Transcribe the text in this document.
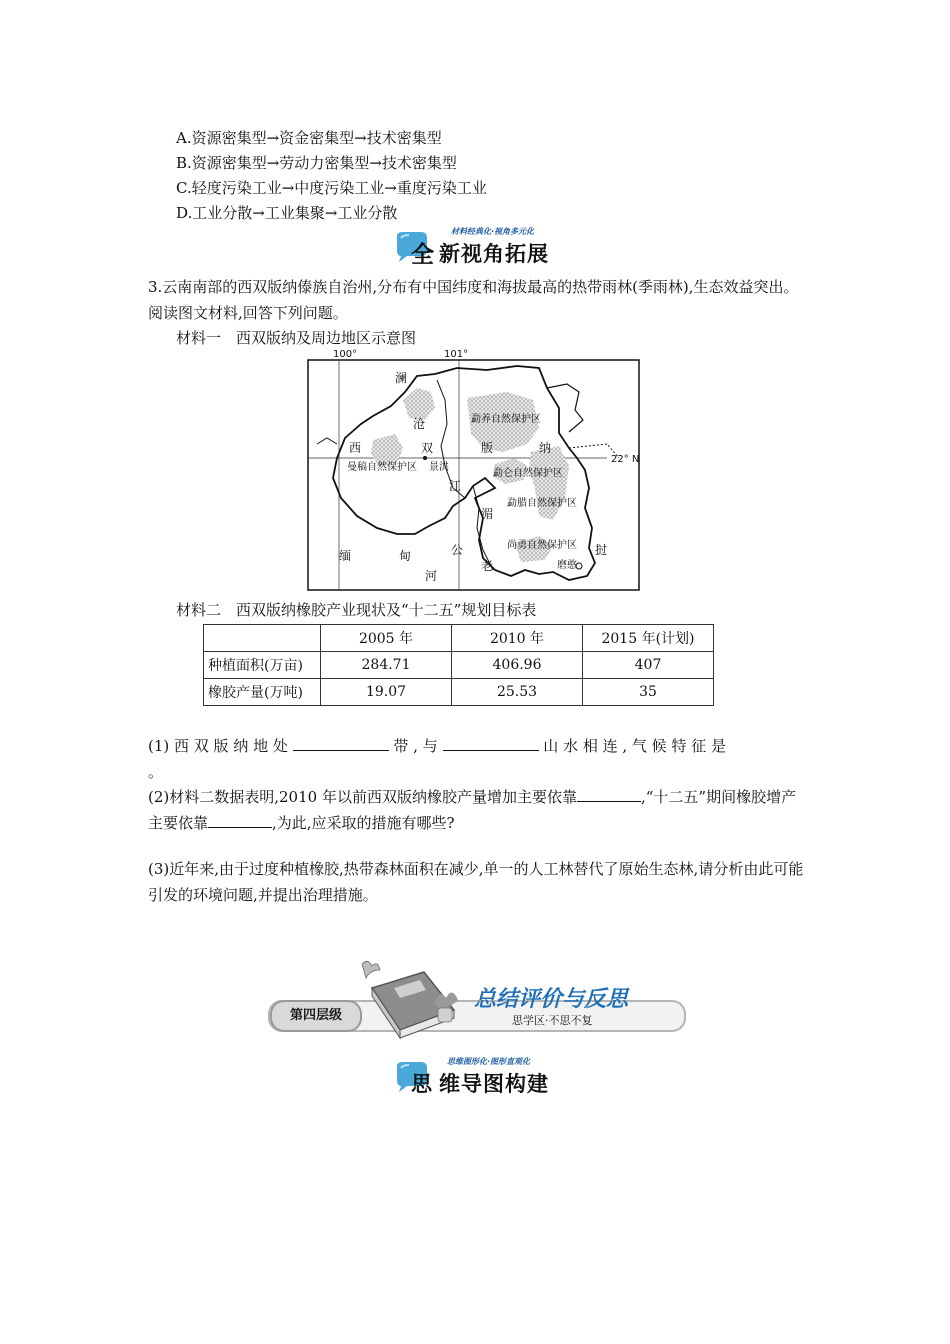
A.资源密集型→资金密集型→技术密集型
B.资源密集型→劳动力密集型→技术密集型
C.轻度污染工业→中度污染工业→重度污染工业
D.工业分散→工业集聚→工业分散
全 新视角拓展
材料经典化·视角多元化
3.云南南部的西双版纳傣族自治州,分布有中国纬度和海拔最高的热带雨林(季雨林),生态效益突出。阅读图文材料,回答下列问题。
材料一　西双版纳及周边地区示意图
100°	101°
22° N
澜
沧
江
湄
公
河
西	双	版	纳
缅	甸
老
挝
景洪
磨憨
勐养自然保护区
曼稿自然保护区
勐仑自然保护区
勐腊自然保护区
尚勇自然保护区
材料二　西双版纳橡胶产业现状及“十二五”规划目标表
	2005 年	2010 年	2015 年(计划)
种植面积(万亩)	284.71	406.96	407
橡胶产量(万吨)	19.07	25.53	35
(1) 西 双 版 纳 地 处	带 , 与	山 水 相 连 , 气 候 特 征 是
。
(2)材料二数据表明,2010 年以前西双版纳橡胶产量增加主要依靠	,“十二五”期间橡胶增产主要依靠	,为此,应采取的措施有哪些?
(3)近年来,由于过度种植橡胶,热带森林面积在减少,单一的人工林替代了原始生态林,请分析由此可能引发的环境问题,并提出治理措施。
第四层级
总结评价与反思
思学区·不思不复
思 维导图构建
思维图形化·图形直观化
